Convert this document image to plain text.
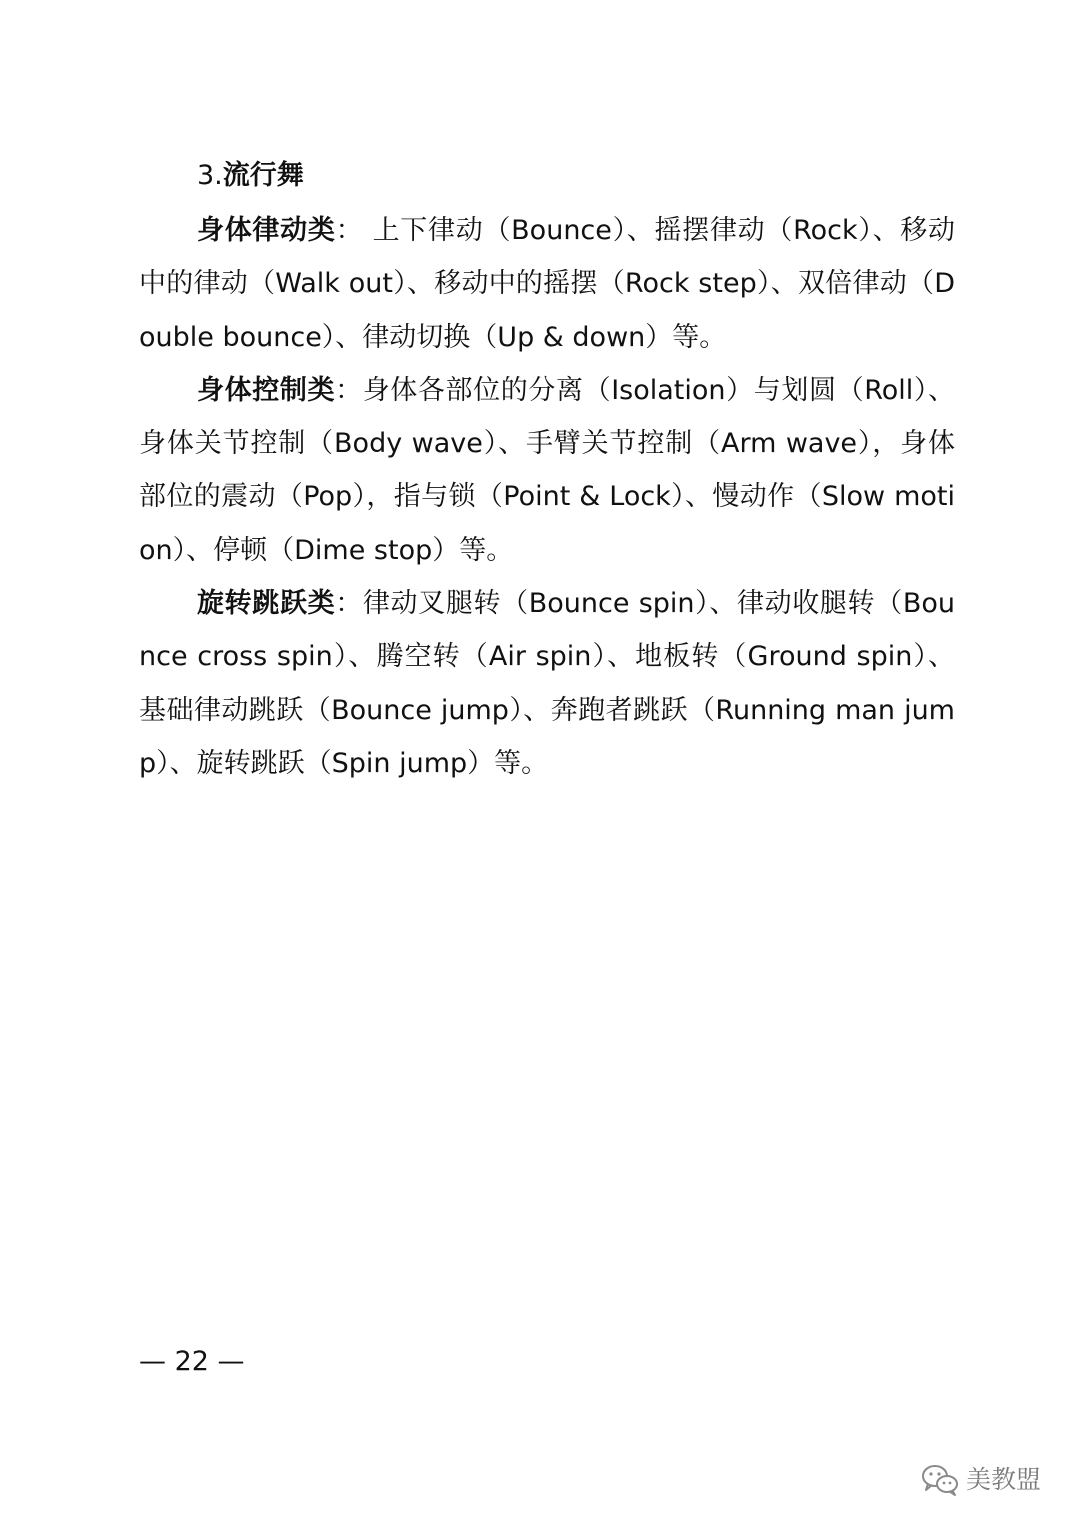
3.流行舞

身体律动类： 上下律动（Bounce）、摇摆律动（Rock）、移动中的律动（Walk out）、移动中的摇摆（Rock step）、双倍律动（Double bounce）、律动切换（Up & down）等。

身体控制类：身体各部位的分离（Isolation）与划圆（Roll）、身体关节控制（Body wave）、手臂关节控制（Arm wave），身体部位的震动（Pop），指与锁（Point & Lock）、慢动作（Slow motion）、停顿（Dime stop）等。

旋转跳跃类：律动叉腿转（Bounce spin）、律动收腿转（Bounce cross spin）、腾空转（Air spin）、地板转（Ground spin）、基础律动跳跃（Bounce jump）、奔跑者跳跃（Running man jump）、旋转跳跃（Spin jump）等。

— 22 —
美教盟
